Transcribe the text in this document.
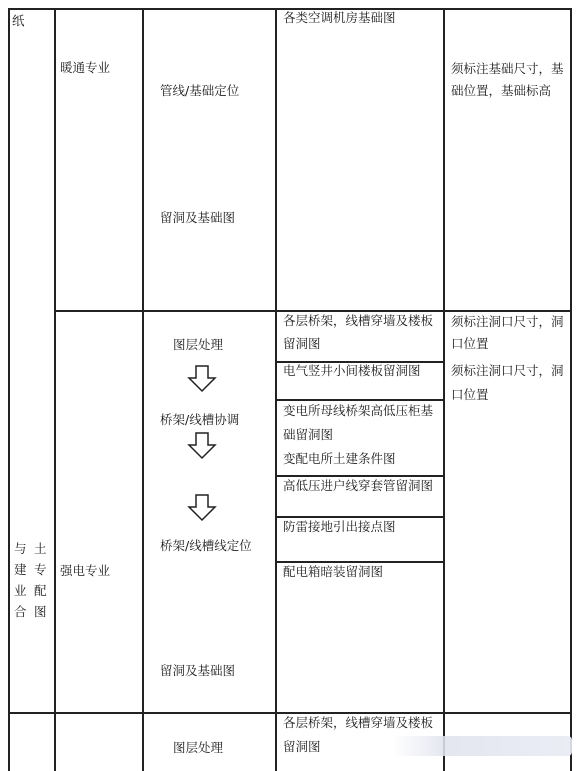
纸
与
建
业
合
土
专
配
图
暖通专业
管线/基础定位
留洞及基础图
各类空调机房基础图
须标注基础尺寸，基
础位置，基础标高
强电专业
图层处理
桥架/线槽协调
桥架/线槽线定位
留洞及基础图
各层桥架，线槽穿墙及楼板
留洞图
电气竖井小间楼板留洞图
变电所母线桥架高低压柜基
础留洞图
变配电所土建条件图
高低压进户线穿套管留洞图
防雷接地引出接点图
配电箱暗装留洞图
须标注洞口尺寸，洞
口位置
须标注洞口尺寸，洞
口位置
图层处理
各层桥架，线槽穿墙及楼板
留洞图
